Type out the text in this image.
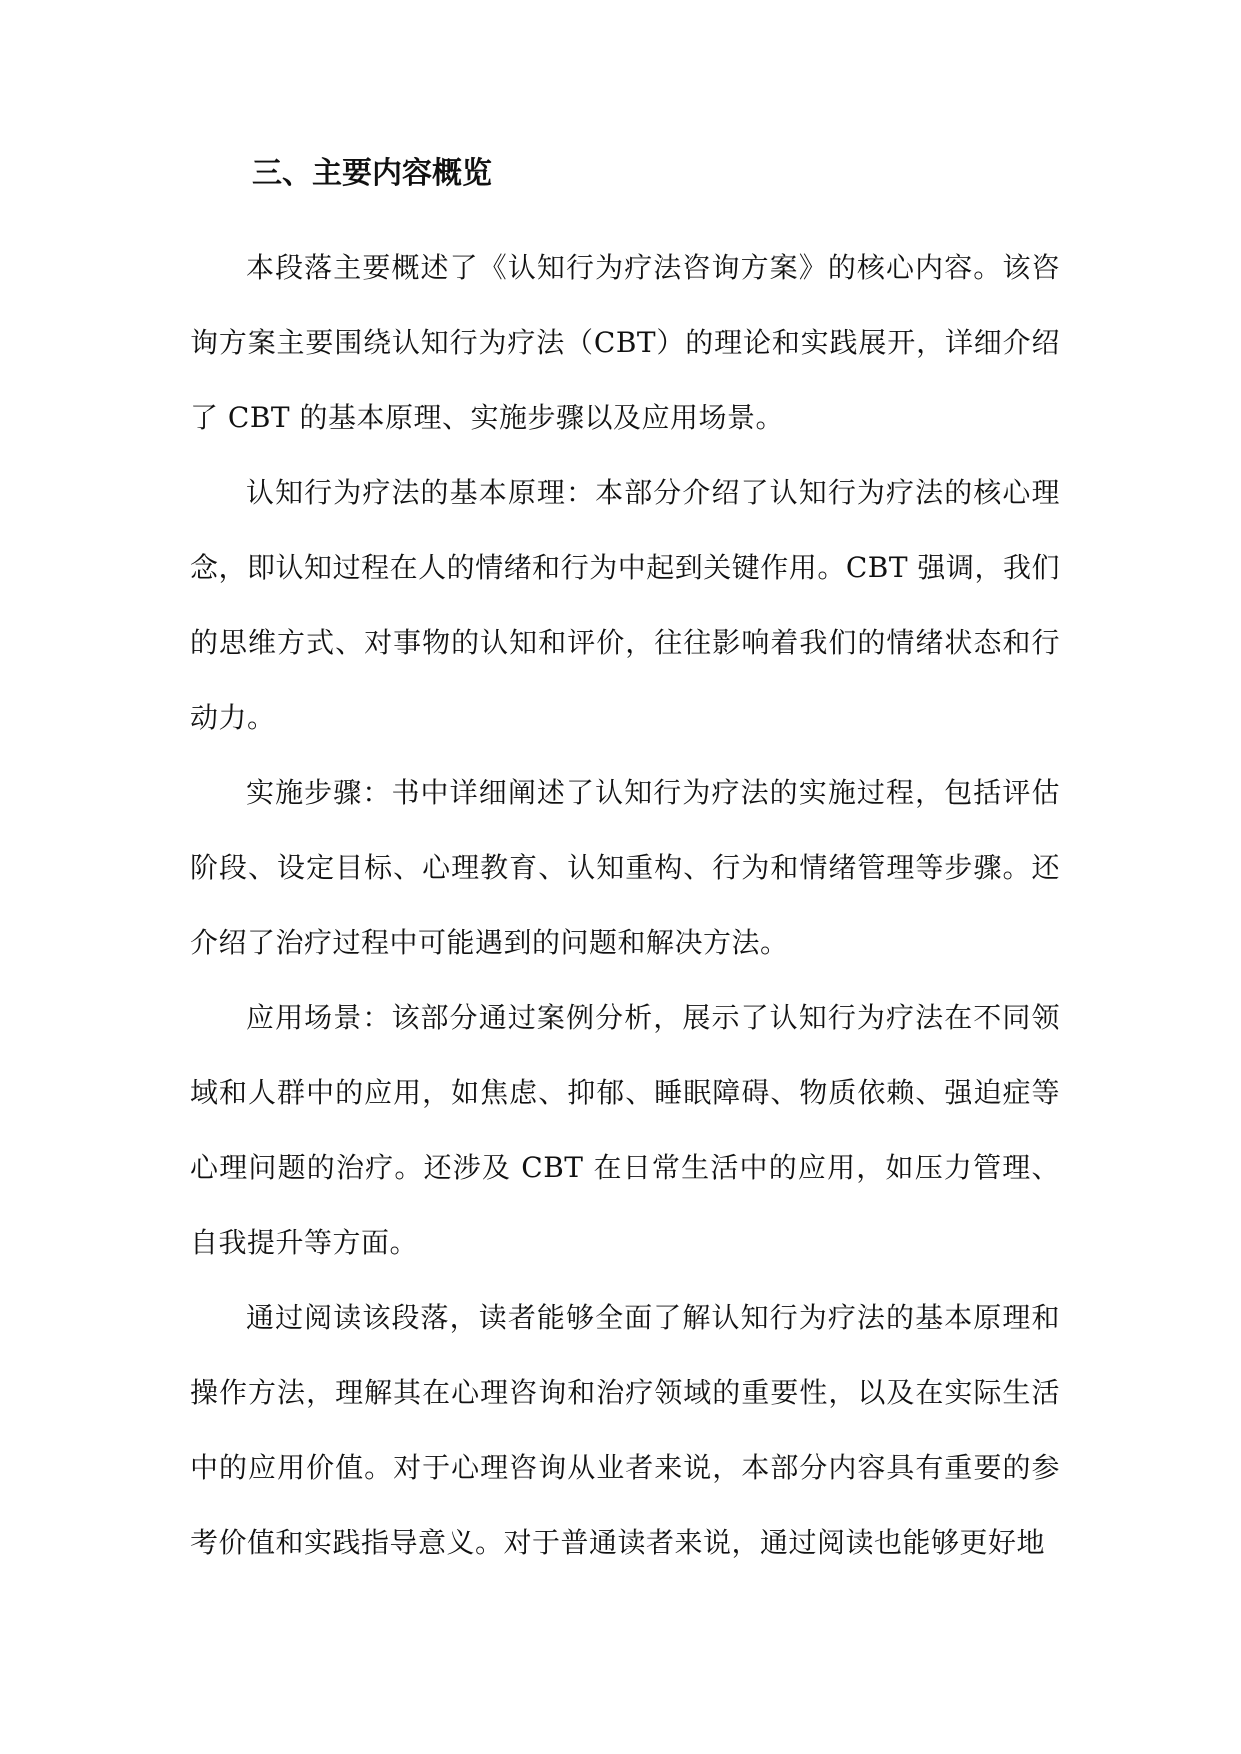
三、主要内容概览

本段落主要概述了《认知行为疗法咨询方案》的核心内容。该咨询方案主要围绕认知行为疗法（CBT）的理论和实践展开，详细介绍了 CBT 的基本原理、实施步骤以及应用场景。

认知行为疗法的基本原理：本部分介绍了认知行为疗法的核心理念，即认知过程在人的情绪和行为中起到关键作用。CBT 强调，我们的思维方式、对事物的认知和评价，往往影响着我们的情绪状态和行动力。

实施步骤：书中详细阐述了认知行为疗法的实施过程，包括评估阶段、设定目标、心理教育、认知重构、行为和情绪管理等步骤。还介绍了治疗过程中可能遇到的问题和解决方法。

应用场景：该部分通过案例分析，展示了认知行为疗法在不同领域和人群中的应用，如焦虑、抑郁、睡眠障碍、物质依赖、强迫症等心理问题的治疗。还涉及 CBT 在日常生活中的应用，如压力管理、自我提升等方面。

通过阅读该段落，读者能够全面了解认知行为疗法的基本原理和操作方法，理解其在心理咨询和治疗领域的重要性，以及在实际生活中的应用价值。对于心理咨询从业者来说，本部分内容具有重要的参考价值和实践指导意义。对于普通读者来说，通过阅读也能够更好地
